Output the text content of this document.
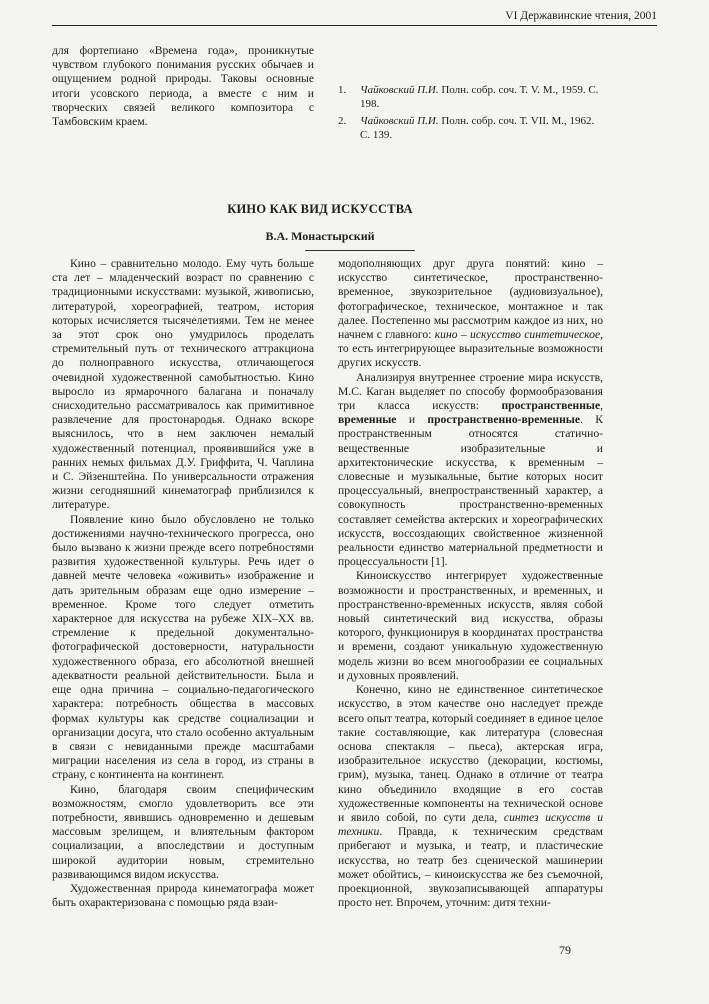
VI Державинские чтения, 2001

для фортепиано «Времена года», проникнутые чувством глубокого понимания русских обычаев и ощущением родной природы. Таковы основные итоги усовского периода, а вместе с ним и творческих связей великого композитора с Тамбовским краем.

1.	Чайковский П.И. Полн. собр. соч. Т. V. М., 1959. С. 198.
2.	Чайковский П.И. Полн. собр. соч. Т. VII. М., 1962. С. 139.
КИНО КАК ВИД ИСКУССТВА
В.А. Монастырский

Кино – сравнительно молодо. Ему чуть больше ста лет – младенческий возраст по сравнению с традиционными искусствами: музыкой, живописью, литературой, хореографией, театром, история которых исчисляется тысячелетиями. Тем не менее за этот срок оно умудрилось проделать стремительный путь от технического аттракциона до полноправного искусства, отличающегося очевидной художественной самобытностью. Кино выросло из ярмарочного балагана и поначалу снисходительно рассматривалось как примитивное развлечение для простонародья. Однако вскоре выяснилось, что в нем заключен немалый художественный потенциал, проявившийся уже в ранних немых фильмах Д.У. Гриффита, Ч. Чаплина и С. Эйзенштейна. По универсальности отражения жизни сегодняшний кинематограф приблизился к литературе.

Появление кино было обусловлено не только достижениями научно-технического прогресса, оно было вызвано к жизни прежде всего потребностями развития художественной культуры. Речь идет о давней мечте человека «оживить» изображение и дать зрительным образам еще одно измерение – временное. Кроме того следует отметить характерное для искусства на рубеже XIX–XX вв. стремление к предельной документально-фотографической достоверности, натуральности художественного образа, его абсолютной внешней адекватности реальной действительности. Была и еще одна причина – социально-педагогического характера: потребность общества в массовых формах культуры как средстве социализации и организации досуга, что стало особенно актуальным в связи с невиданными прежде масштабами миграции населения из села в город, из страны в страну, с континента на континент.

Кино, благодаря своим специфическим возможностям, смогло удовлетворить все эти потребности, явившись одновременно и дешевым массовым зрелищем, и влиятельным фактором социализации, а впоследствии и доступным широкой аудитории новым, стремительно развивающимся видом искусства.

Художественная природа кинематографа может быть охарактеризована с помощью ряда взаи-

модополняющих друг друга понятий: кино – искусство синтетическое, пространственно-временное, звукозрительное (аудиовизуальное), фотографическое, техническое, монтажное и так далее. Постепенно мы рассмотрим каждое из них, но начнем с главного: кино – искусство синтетическое, то есть интегрирующее выразительные возможности других искусств.

Анализируя внутреннее строение мира искусств, М.С. Каган выделяет по способу формообразования три класса искусств: пространственные, временные и пространственно-временные. К пространственным относятся статично-вещественные изобразительные и архитектонические искусства, к временным – словесные и музыкальные, бытие которых носит процессуальный, внепространственный характер, а совокупность пространственно-временных составляет семейства актерских и хореографических искусств, воссоздающих свойственное жизненной реальности единство материальной предметности и процессуальности [1].

Киноискусство интегрирует художественные возможности и пространственных, и временных, и пространственно-временных искусств, являя собой новый синтетический вид искусства, образы которого, функционируя в координатах пространства и времени, создают уникальную художественную модель жизни во всем многообразии ее социальных и духовных проявлений.

Конечно, кино не единственное синтетическое искусство, в этом качестве оно наследует прежде всего опыт театра, который соединяет в единое целое такие составляющие, как литература (словесная основа спектакля – пьеса), актерская игра, изобразительное искусство (декорации, костюмы, грим), музыка, танец. Однако в отличие от театра кино объединило входящие в его состав художественные компоненты на технической основе и явило собой, по сути дела, синтез искусств и техники. Правда, к техническим средствам прибегают и музыка, и театр, и пластические искусства, но театр без сценической машинерии может обойтись, – киноискусства же без съемочной, проекционной, звукозаписывающей аппаратуры просто нет. Впрочем, уточним: дитя техни-

79
